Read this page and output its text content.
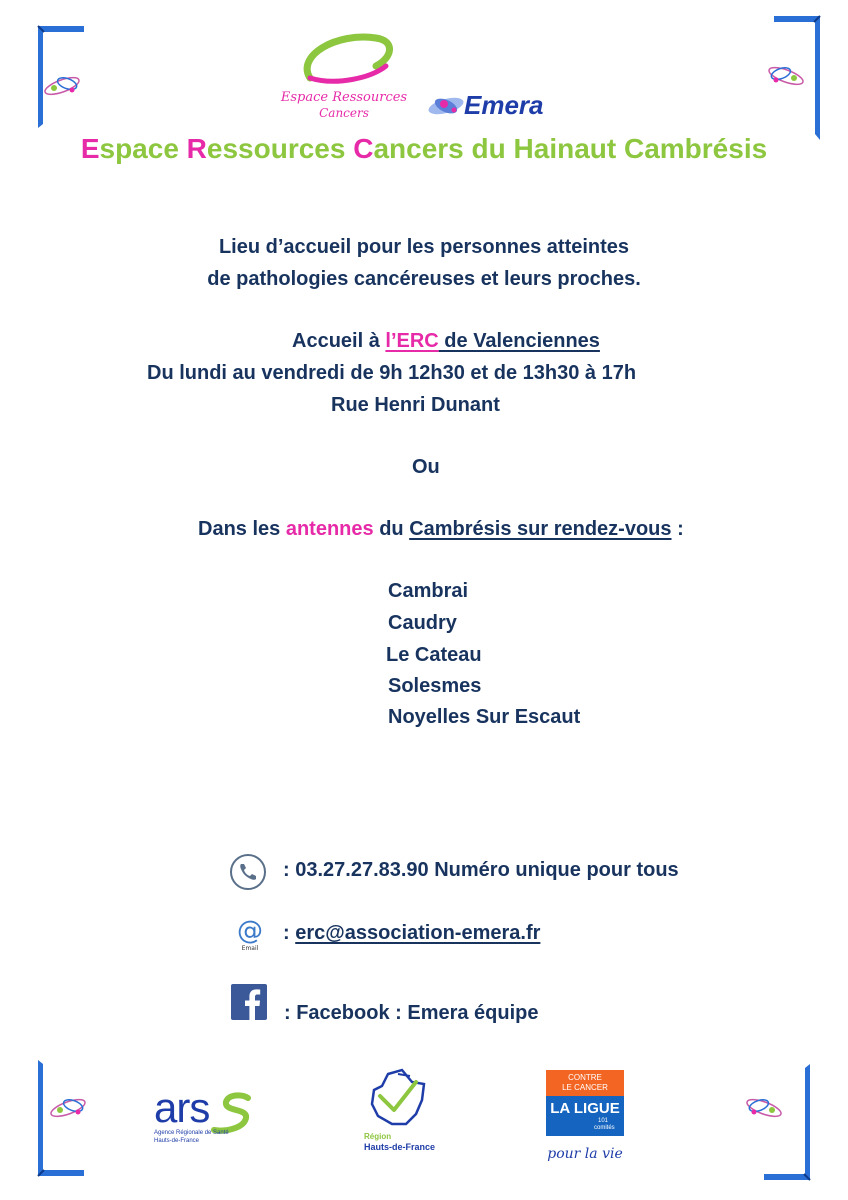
Espace Ressources
Cancers	Emera
Espace Ressources Cancers du Hainaut Cambrésis
Lieu d’accueil pour les personnes atteintes
de pathologies cancéreuses et leurs proches.
Accueil à l’ERC de Valenciennes
Du lundi au vendredi de 9h 12h30 et de 13h30 à 17h
Rue Henri Dunant
Ou
Dans les antennes du Cambrésis sur rendez-vous :
Cambrai
Caudry
Le Cateau
Solesmes
Noyelles Sur Escaut
: 03.27.27.83.90 Numéro unique pour tous
@
Email
: erc@association-emera.fr
: Facebook : Emera équipe
ars
Agence Régionale de Santé
Hauts-de-France	Région
Hauts-de-France
CONTRE
LE CANCER
LA LIGUE
101
comités
pour la vie
